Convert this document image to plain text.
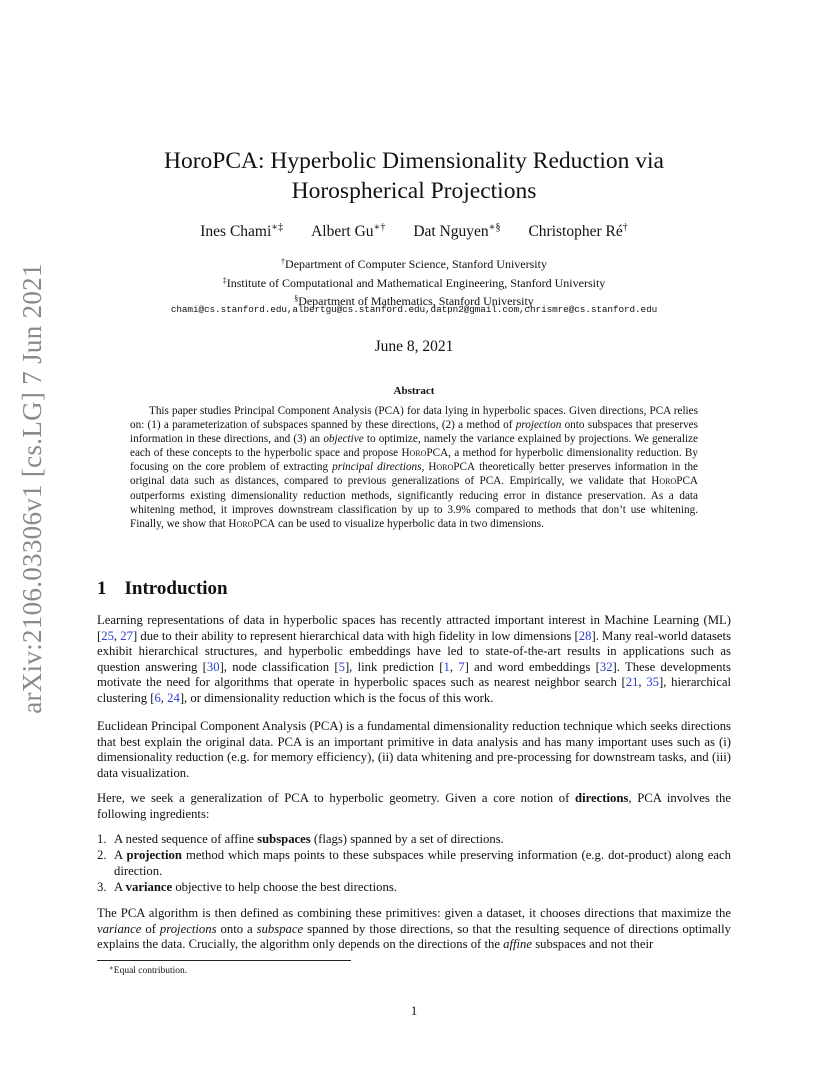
arXiv:2106.03306v1 [cs.LG] 7 Jun 2021
HoroPCA: Hyperbolic Dimensionality Reduction via
Horospherical Projections
Ines Chami∗‡ Albert Gu∗† Dat Nguyen∗§ Christopher Ré†
†Department of Computer Science, Stanford University
‡Institute of Computational and Mathematical Engineering, Stanford University
§Department of Mathematics, Stanford University
chami@cs.stanford.edu,albertgu@cs.stanford.edu,datpn2@gmail.com,chrismre@cs.stanford.edu
June 8, 2021
Abstract

This paper studies Principal Component Analysis (PCA) for data lying in hyperbolic spaces. Given directions, PCA relies on: (1) a parameterization of subspaces spanned by these directions, (2) a method of projection onto subspaces that preserves information in these directions, and (3) an objective to optimize, namely the variance explained by projections. We generalize each of these concepts to the hyperbolic space and propose HoroPCA, a method for hyperbolic dimensionality reduction. By focusing on the core problem of extracting principal directions, HoroPCA theoretically better preserves information in the original data such as distances, compared to previous generalizations of PCA. Empirically, we validate that HoroPCA outperforms existing dimensionality reduction methods, significantly reducing error in distance preservation. As a data whitening method, it improves downstream classification by up to 3.9% compared to methods that don’t use whitening. Finally, we show that HoroPCA can be used to visualize hyperbolic data in two dimensions.

1 Introduction

Learning representations of data in hyperbolic spaces has recently attracted important interest in Machine Learning (ML) [25, 27] due to their ability to represent hierarchical data with high fidelity in low dimensions [28]. Many real-world datasets exhibit hierarchical structures, and hyperbolic embeddings have led to state-of-the-art results in applications such as question answering [30], node classification [5], link prediction [1, 7] and word embeddings [32]. These developments motivate the need for algorithms that operate in hyperbolic spaces such as nearest neighbor search [21, 35], hierarchical clustering [6, 24], or dimensionality reduction which is the focus of this work.

Euclidean Principal Component Analysis (PCA) is a fundamental dimensionality reduction technique which seeks directions that best explain the original data. PCA is an important primitive in data analysis and has many important uses such as (i) dimensionality reduction (e.g. for memory efficiency), (ii) data whitening and pre-processing for downstream tasks, and (iii) data visualization.

Here, we seek a generalization of PCA to hyperbolic geometry. Given a core notion of directions, PCA involves the following ingredients:

1. A nested sequence of affine subspaces (flags) spanned by a set of directions.
2. A projection method which maps points to these subspaces while preserving information (e.g. dot-product) along each direction.
3. A variance objective to help choose the best directions.

The PCA algorithm is then defined as combining these primitives: given a dataset, it chooses directions that maximize the variance of projections onto a subspace spanned by those directions, so that the resulting sequence of directions optimally explains the data. Crucially, the algorithm only depends on the directions of the affine subspaces and not their

∗Equal contribution.
1
